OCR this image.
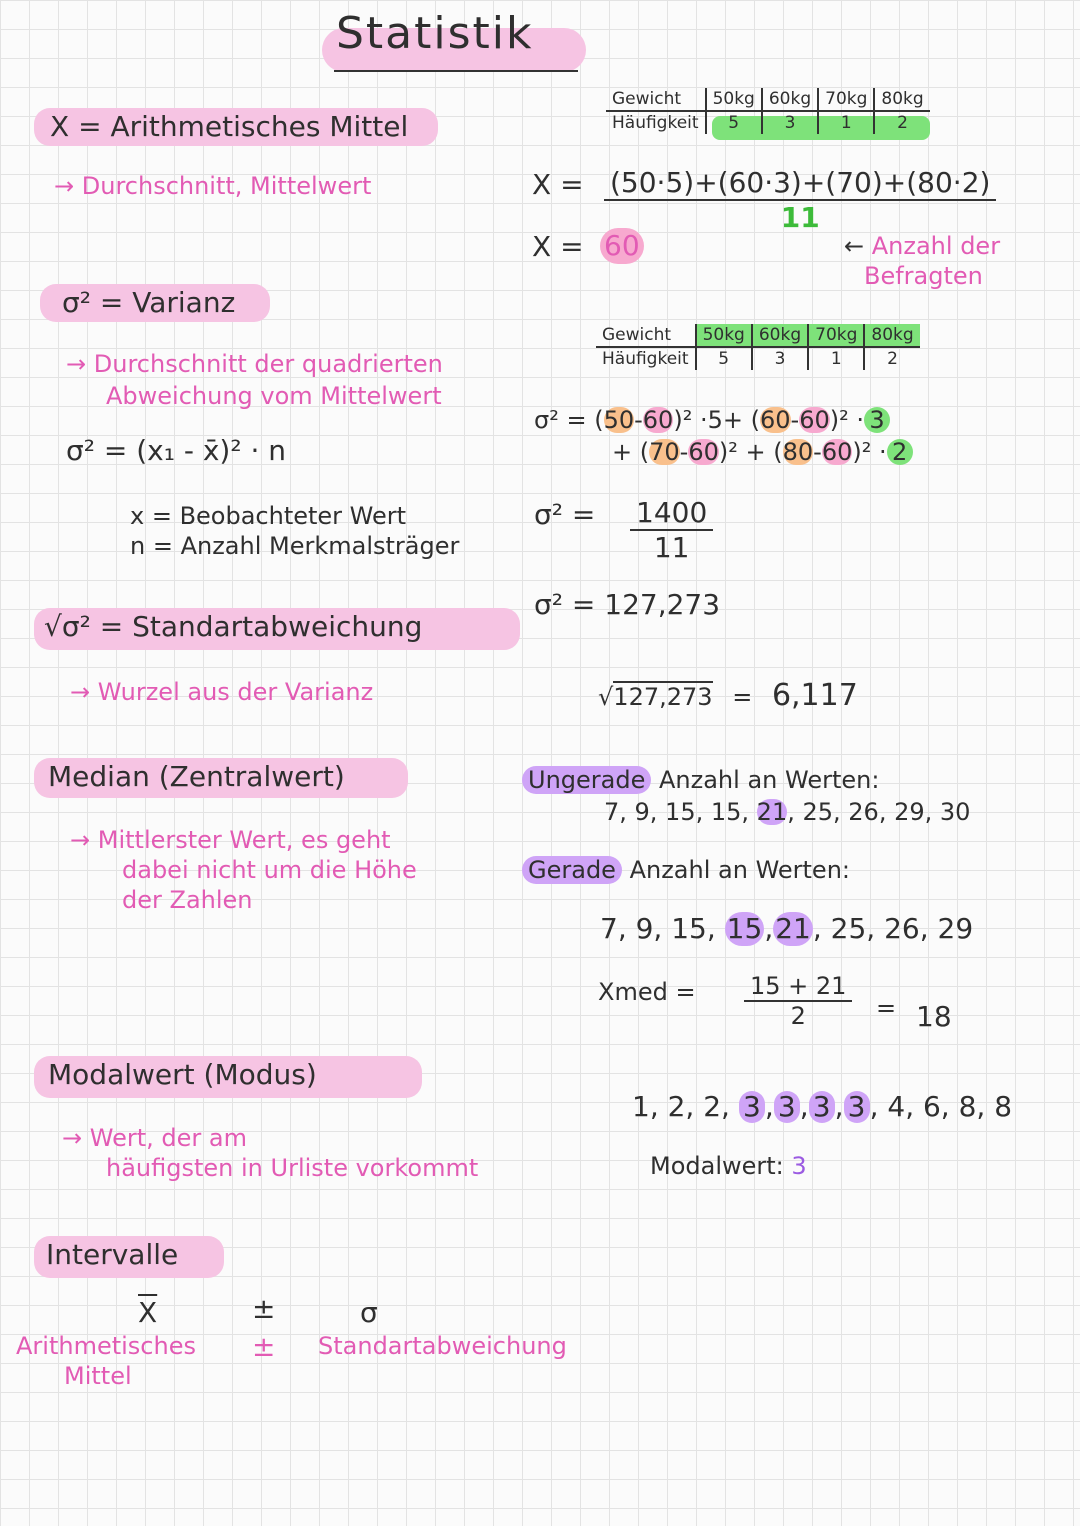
Statistik
X = Arithmetisches Mittel
→ Durchschnitt, Mittelwert
σ² = Varianz
→ Durchschnitt der quadrierten
Abweichung vom Mittelwert
σ² = (x₁ - x̄)² · n
x = Beobachteter Wert
n = Anzahl Merkmalsträger
√σ² = Standartabweichung
→ Wurzel aus der Varianz
Median (Zentralwert)
→ Mittlerster Wert, es geht
dabei nicht um die Höhe
der Zahlen
Modalwert (Modus)
→ Wert, der am
häufigsten in Urliste vorkommt
Intervalle
$\overline{X}$
Arithmetisches
Mittel
±
±
σ
Standartabweichung
Gewicht	50kg	60kg	70kg	80kg
Häufigkeit	5	3	1	2
$X = \frac{(50\cdot 5)+(60\cdot 3)+(70)+(80\cdot 2)}{11}$
← Anzahl der
Befragten
X = 60
Gewicht	50kg	60kg	70kg	80kg
Häufigkeit	5	3	1	2
σ² = (50-60)² ·5+ (60-60)² · 3
+ (70-60)² + (80-60)² · 2
$\sigma^2 = \frac{1400}{11}$
σ² = 127,273
√127,273 = 6,117
Ungerade Anzahl an Werten:
7, 9, 15, 15, 21, 25, 26, 29, 30
Gerade Anzahl an Werten:
7, 9, 15, 15,21, 25, 26, 29
Xmed = $\frac{15 + 21}{2} = 18$
1, 2, 2, 3 , 3 , 3 , 3 , 4, 6, 8, 8
Modalwert: 3
